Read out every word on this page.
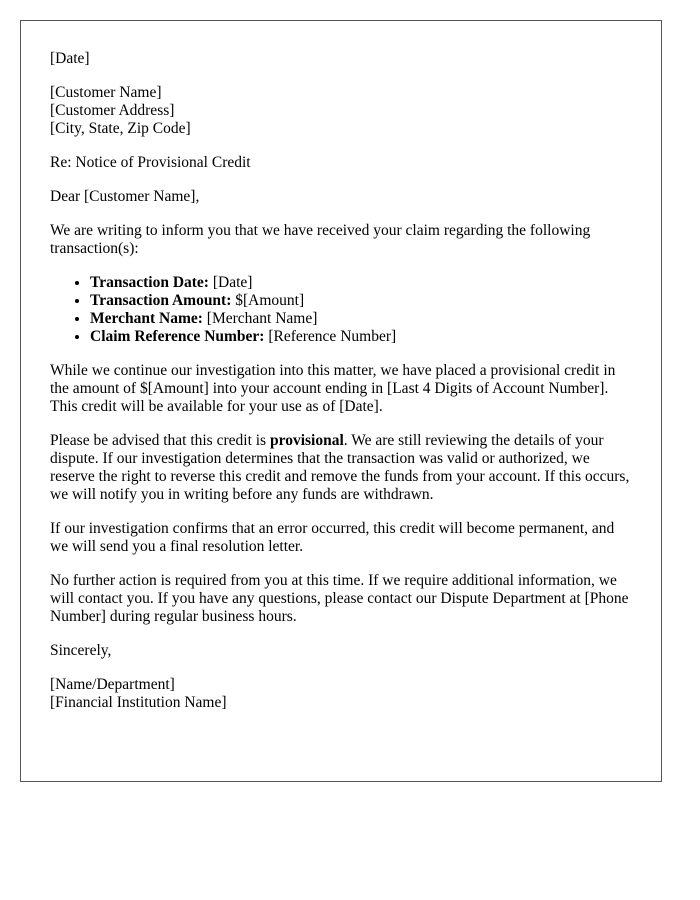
[Date]

[Customer Name]
[Customer Address]
[City, State, Zip Code]

Re: Notice of Provisional Credit

Dear [Customer Name],

We are writing to inform you that we have received your claim regarding the following transaction(s):

• Transaction Date: [Date]
• Transaction Amount: $[Amount]
• Merchant Name: [Merchant Name]
• Claim Reference Number: [Reference Number]

While we continue our investigation into this matter, we have placed a provisional credit in the amount of $[Amount] into your account ending in [Last 4 Digits of Account Number]. This credit will be available for your use as of [Date].

Please be advised that this credit is provisional. We are still reviewing the details of your dispute. If our investigation determines that the transaction was valid or authorized, we reserve the right to reverse this credit and remove the funds from your account. If this occurs, we will notify you in writing before any funds are withdrawn.

If our investigation confirms that an error occurred, this credit will become permanent, and we will send you a final resolution letter.

No further action is required from you at this time. If we require additional information, we will contact you. If you have any questions, please contact our Dispute Department at [Phone Number] during regular business hours.

Sincerely,

[Name/Department]
[Financial Institution Name]
